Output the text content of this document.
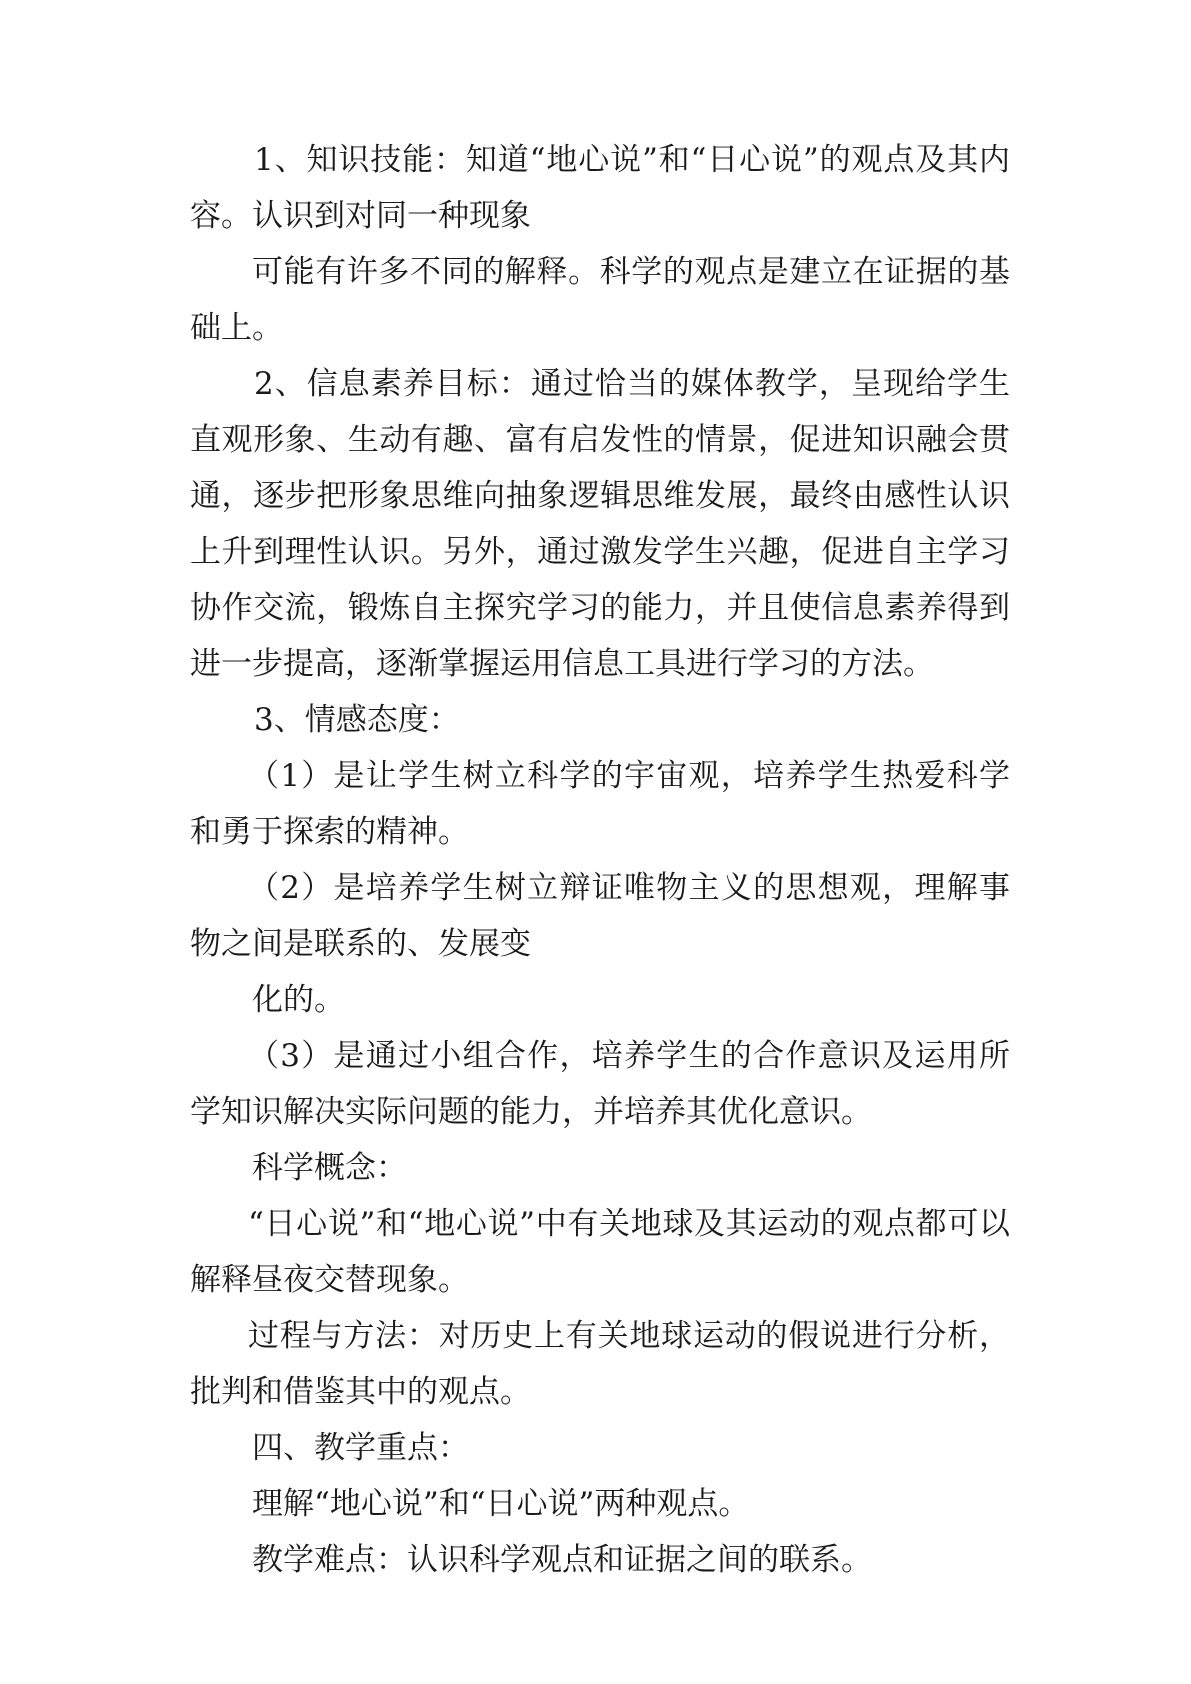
1、知识技能：知道“地心说”和“日心说”的观点及其内容。认识到对同一种现象

可能有许多不同的解释。科学的观点是建立在证据的基础上。

2、信息素养目标：通过恰当的媒体教学，呈现给学生直观形象、生动有趣、富有启发性的情景，促进知识融会贯通，逐步把形象思维向抽象逻辑思维发展，最终由感性认识上升到理性认识。另外，通过激发学生兴趣，促进自主学习协作交流，锻炼自主探究学习的能力，并且使信息素养得到进一步提高，逐渐掌握运用信息工具进行学习的方法。

3、情感态度：

（1）是让学生树立科学的宇宙观，培养学生热爱科学和勇于探索的精神。

（2）是培养学生树立辩证唯物主义的思想观，理解事物之间是联系的、发展变

化的。

（3）是通过小组合作，培养学生的合作意识及运用所学知识解决实际问题的能力，并培养其优化意识。

科学概念：

“日心说”和“地心说”中有关地球及其运动的观点都可以解释昼夜交替现象。

过程与方法：对历史上有关地球运动的假说进行分析，批判和借鉴其中的观点。

四、教学重点：

理解“地心说”和“日心说”两种观点。

教学难点：认识科学观点和证据之间的联系。
